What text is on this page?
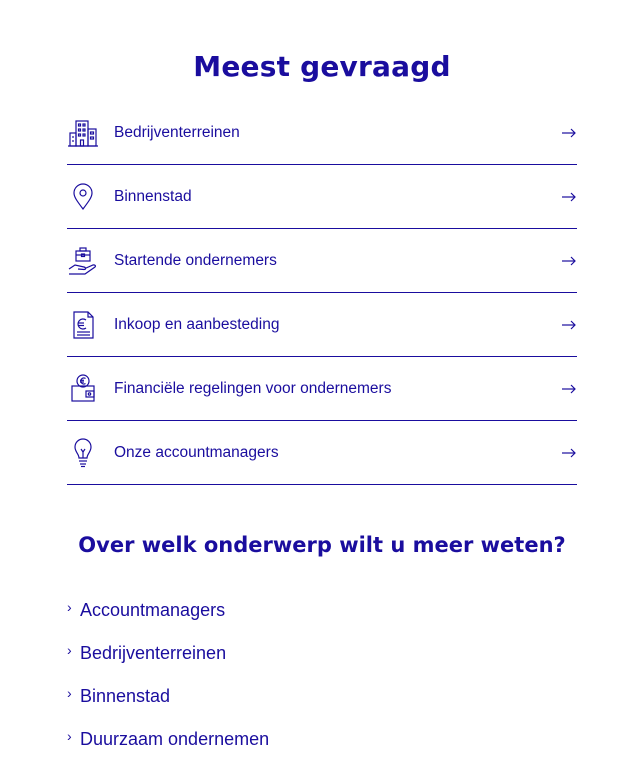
Meest gevraagd
Bedrijventerreinen
Binnenstad
Startende ondernemers
Inkoop en aanbesteding
Financiële regelingen voor ondernemers
Onze accountmanagers
Over welk onderwerp wilt u meer weten?
› Accountmanagers
› Bedrijventerreinen
› Binnenstad
› Duurzaam ondernemen
